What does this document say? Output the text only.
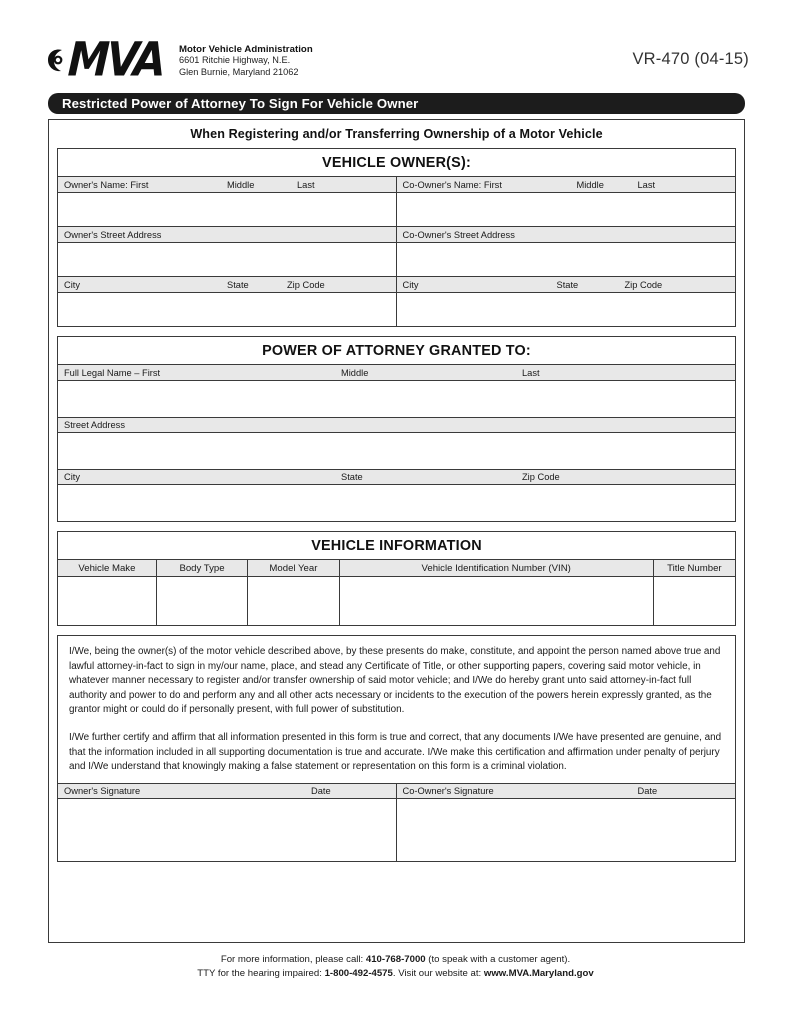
MVA Motor Vehicle Administration
6601 Ritchie Highway, N.E.
Glen Burnie, Maryland 21062
VR-470 (04-15)
Restricted Power of Attorney To Sign For Vehicle Owner
When Registering and/or Transferring Ownership of a Motor Vehicle
VEHICLE OWNER(S):
Owner's Name: First	Middle	Last	Co-Owner's Name: First	Middle	Last
Owner's Street Address	Co-Owner's Street Address
City	State	Zip Code	City	State	Zip Code
POWER OF ATTORNEY GRANTED TO:
Full Legal Name – First	Middle	Last
Street Address
City	State	Zip Code
VEHICLE INFORMATION
Vehicle Make	Body Type	Model Year	Vehicle Identification Number (VIN)	Title Number

I/We, being the owner(s) of the motor vehicle described above, by these presents do make, constitute, and appoint the person named above true and lawful attorney-in-fact to sign in my/our name, place, and stead any Certificate of Title, or other supporting papers, covering said motor vehicle, in whatever manner necessary to register and/or transfer ownership of said motor vehicle; and I/We do hereby grant unto said attorney-in-fact full authority and power to do and perform any and all other acts necessary or incidents to the execution of the powers herein expressly granted, as the grantor might or could do if personally present, with full power of substitution.

I/We further certify and affirm that all information presented in this form is true and correct, that any documents I/We have presented are genuine, and that the information included in all supporting documentation is true and accurate. I/We make this certification and affirmation under penalty of perjury and I/We understand that knowingly making a false statement or representation on this form is a criminal violation.

Owner's Signature	Date	Co-Owner's Signature	Date
For more information, please call: 410-768-7000 (to speak with a customer agent).
TTY for the hearing impaired: 1-800-492-4575. Visit our website at: www.MVA.Maryland.gov
